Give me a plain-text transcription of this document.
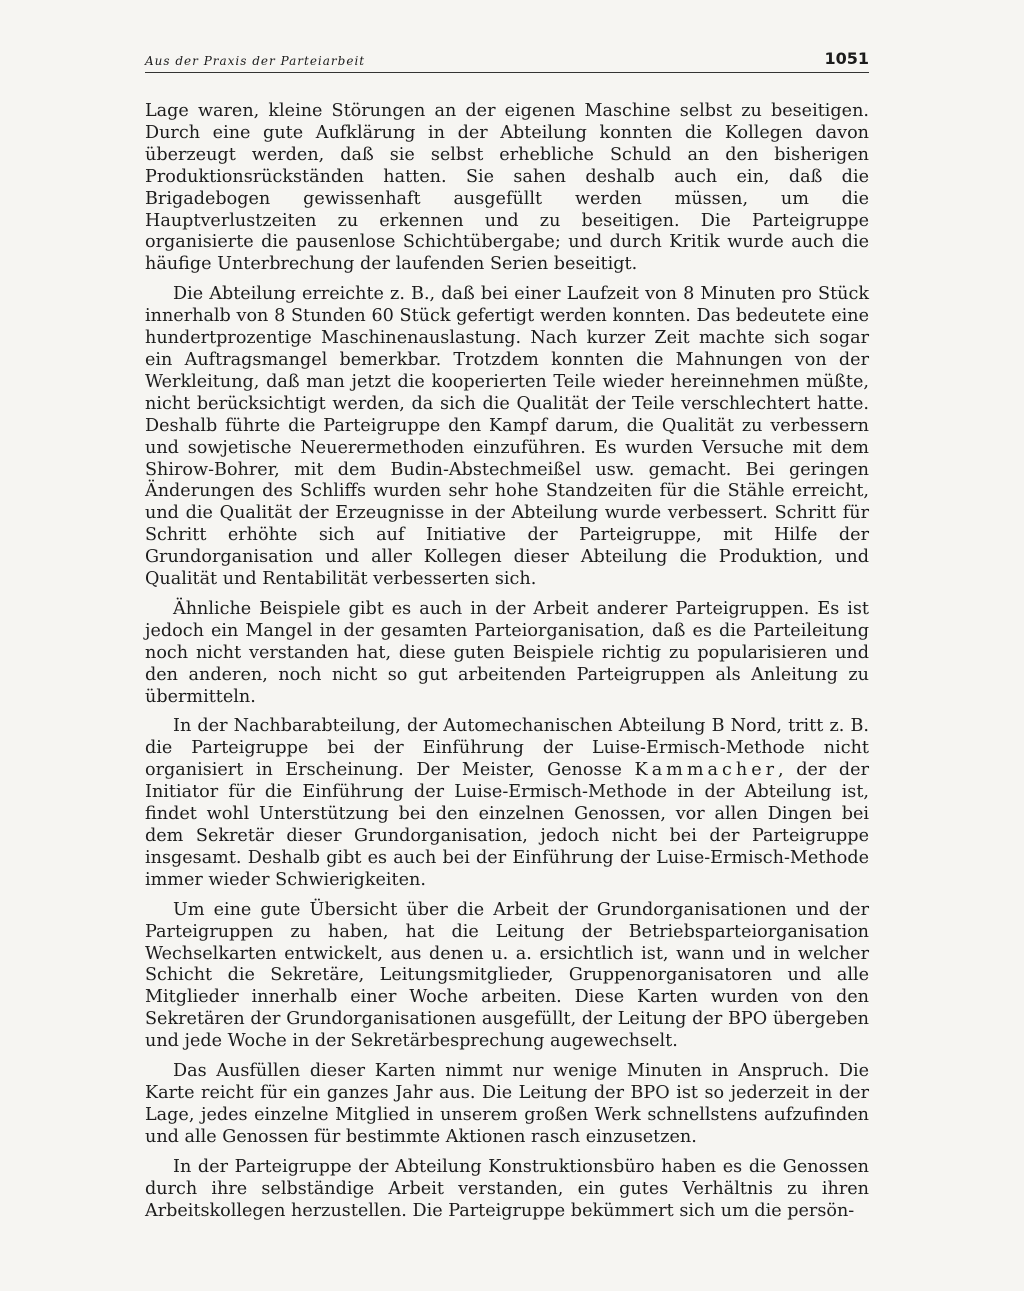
Aus der Praxis der Parteiarbeit	1051

Lage waren, kleine Störungen an der eigenen Maschine selbst zu beseitigen. Durch eine gute Aufklärung in der Abteilung konnten die Kollegen davon überzeugt werden, daß sie selbst erhebliche Schuld an den bisherigen Produktionsrückständen hatten. Sie sahen deshalb auch ein, daß die Brigadebogen gewissenhaft ausgefüllt werden müssen, um die Hauptverlustzeiten zu erkennen und zu beseitigen. Die Parteigruppe organisierte die pausenlose Schichtübergabe; und durch Kritik wurde auch die häufige Unterbrechung der laufenden Serien beseitigt.

Die Abteilung erreichte z. B., daß bei einer Laufzeit von 8 Minuten pro Stück innerhalb von 8 Stunden 60 Stück gefertigt werden konnten. Das bedeutete eine hundertprozentige Maschinenauslastung. Nach kurzer Zeit machte sich sogar ein Auftragsmangel bemerkbar. Trotzdem konnten die Mahnungen von der Werkleitung, daß man jetzt die kooperierten Teile wieder hereinnehmen müßte, nicht berücksichtigt werden, da sich die Qualität der Teile verschlechtert hatte. Deshalb führte die Parteigruppe den Kampf darum, die Qualität zu verbessern und sowjetische Neuerermethoden einzuführen. Es wurden Versuche mit dem Shirow-Bohrer, mit dem Budin-Abstechmeißel usw. gemacht. Bei geringen Änderungen des Schliffs wurden sehr hohe Standzeiten für die Stähle erreicht, und die Qualität der Erzeugnisse in der Abteilung wurde verbessert. Schritt für Schritt erhöhte sich auf Initiative der Parteigruppe, mit Hilfe der Grundorganisation und aller Kollegen dieser Abteilung die Produktion, und Qualität und Rentabilität verbesserten sich.

Ähnliche Beispiele gibt es auch in der Arbeit anderer Parteigruppen. Es ist jedoch ein Mangel in der gesamten Parteiorganisation, daß es die Parteileitung noch nicht verstanden hat, diese guten Beispiele richtig zu popularisieren und den anderen, noch nicht so gut arbeitenden Parteigruppen als Anleitung zu übermitteln.

In der Nachbarabteilung, der Automechanischen Abteilung B Nord, tritt z. B. die Parteigruppe bei der Einführung der Luise-Ermisch-Methode nicht organisiert in Erscheinung. Der Meister, Genosse Kammacher, der der Initiator für die Einführung der Luise-Ermisch-Methode in der Abteilung ist, findet wohl Unterstützung bei den einzelnen Genossen, vor allen Dingen bei dem Sekretär dieser Grundorganisation, jedoch nicht bei der Parteigruppe insgesamt. Deshalb gibt es auch bei der Einführung der Luise-Ermisch-Methode immer wieder Schwierigkeiten.

Um eine gute Übersicht über die Arbeit der Grundorganisationen und der Parteigruppen zu haben, hat die Leitung der Betriebsparteiorganisation Wechselkarten entwickelt, aus denen u. a. ersichtlich ist, wann und in welcher Schicht die Sekretäre, Leitungsmitglieder, Gruppenorganisatoren und alle Mitglieder innerhalb einer Woche arbeiten. Diese Karten wurden von den Sekretären der Grundorganisationen ausgefüllt, der Leitung der BPO übergeben und jede Woche in der Sekretärbesprechung augewechselt.

Das Ausfüllen dieser Karten nimmt nur wenige Minuten in Anspruch. Die Karte reicht für ein ganzes Jahr aus. Die Leitung der BPO ist so jederzeit in der Lage, jedes einzelne Mitglied in unserem großen Werk schnellstens aufzufinden und alle Genossen für bestimmte Aktionen rasch einzusetzen.

In der Parteigruppe der Abteilung Konstruktionsbüro haben es die Genossen durch ihre selbständige Arbeit verstanden, ein gutes Verhältnis zu ihren Arbeitskollegen herzustellen. Die Parteigruppe bekümmert sich um die persön-
